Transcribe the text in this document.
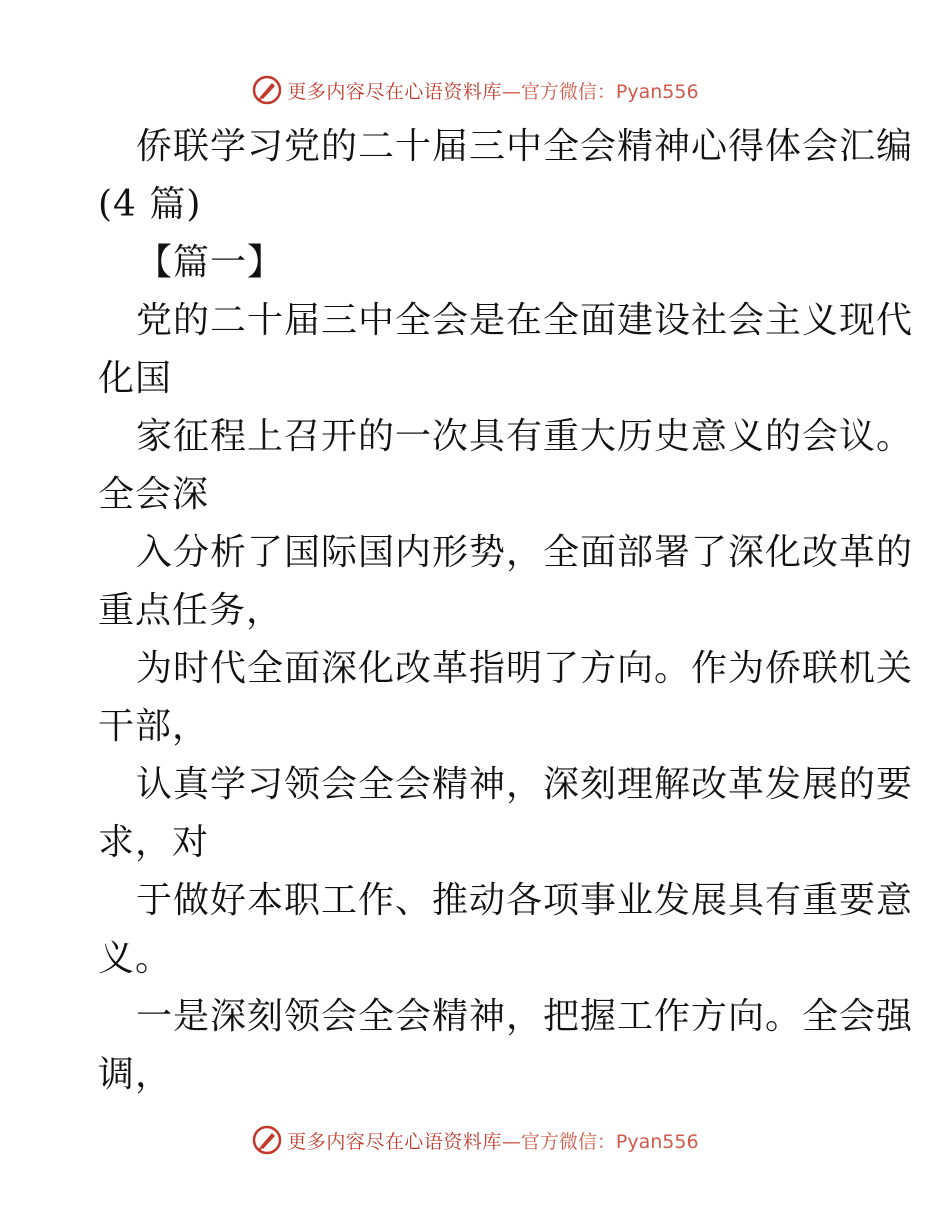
更多内容尽在心语资料库 —官方微信：Pyan556
侨联学习党的二十届三中全会精神心得体会汇编
(4 篇)
【篇一】
党的二十届三中全会是在全面建设社会主义现代
化国
家征程上召开的一次具有重大历史意义的会议。
全会深
入分析了国际国内形势，全面部署了深化改革的
重点任务，
为时代全面深化改革指明了方向。作为侨联机关
干部，
认真学习领会全会精神，深刻理解改革发展的要
求，对
于做好本职工作、推动各项事业发展具有重要意
义。
一是深刻领会全会精神，把握工作方向。全会强
调，
更多内容尽在心语资料库 —官方微信：Pyan556
